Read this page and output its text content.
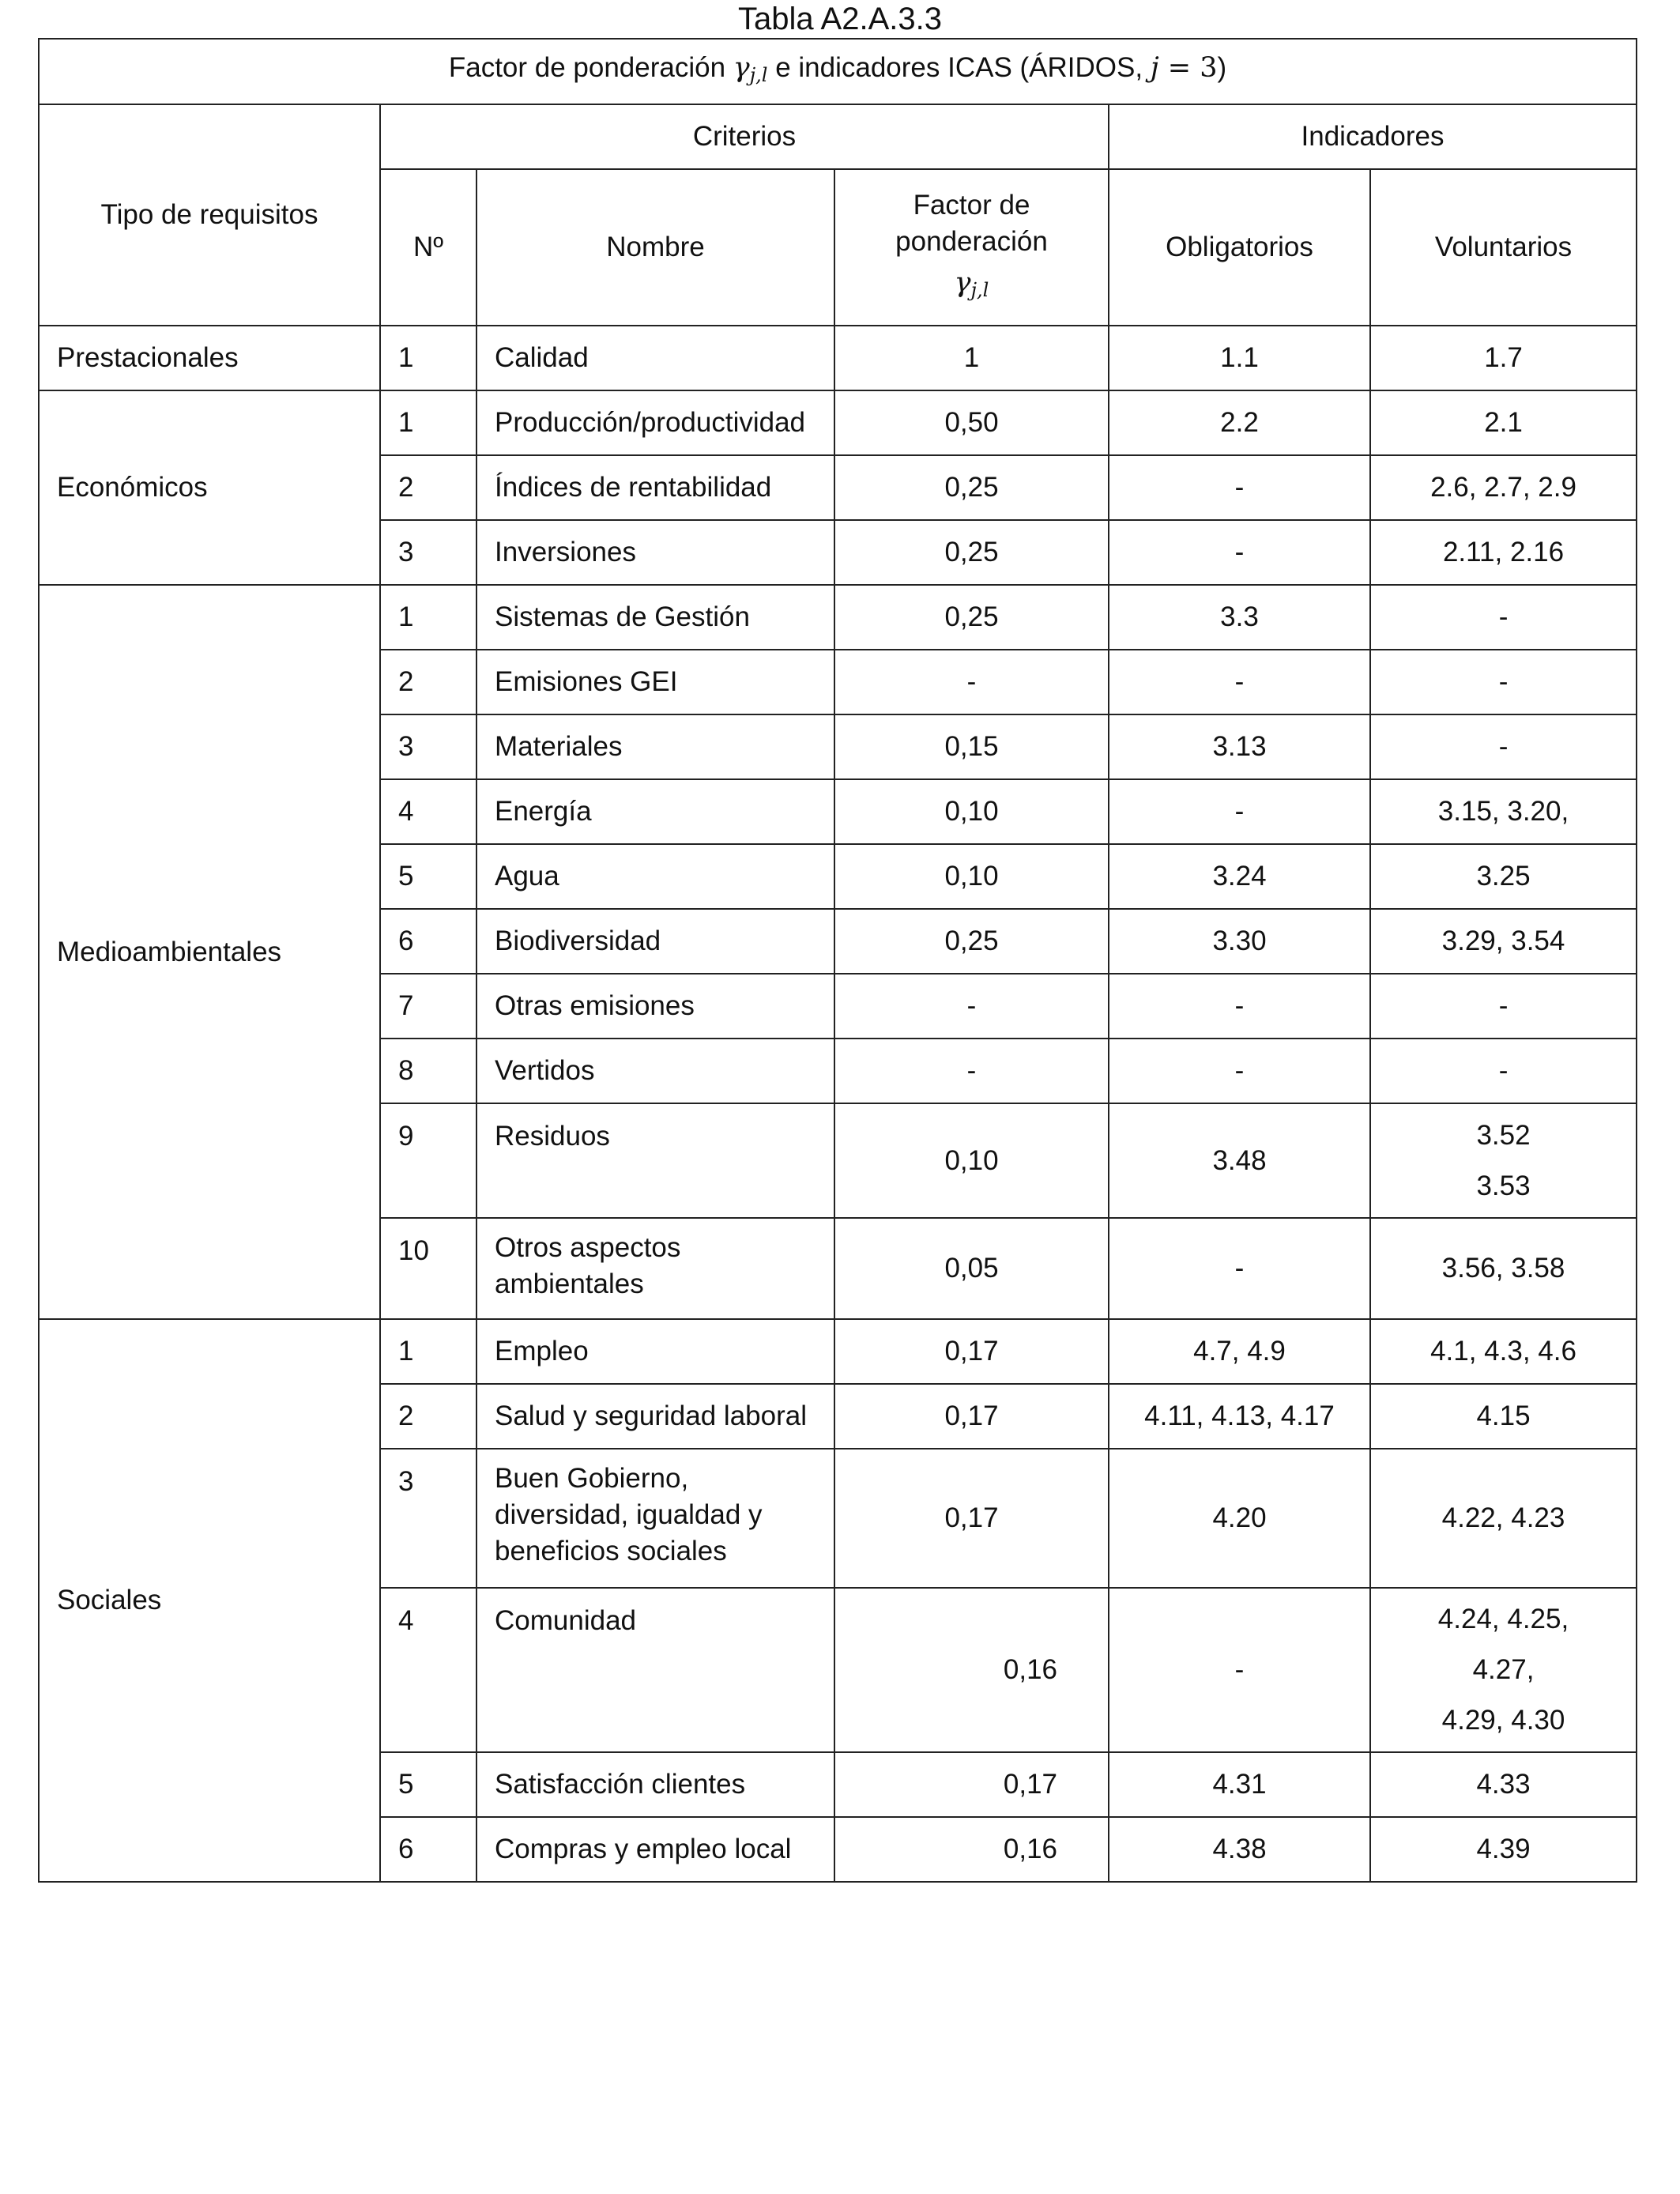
Tabla A2.A.3.3
Factor de ponderación $\gamma_{j,l}$ e indicadores ICAS (ÁRIDOS, j = 3)					
Tipo de requisitos	Criterios			Indicadores	
	Nº	Nombre	Factor de
ponderación
$\gamma_{j,l}$	Obligatorios	Voluntarios
Prestacionales	1	Calidad	1	1.1	1.7
Económicos	1	Producción/productividad	0,50	2.2	2.1
	2	Índices de rentabilidad	0,25	-	2.6, 2.7, 2.9
	3	Inversiones	0,25	-	2.11, 2.16
Medioambientales	1	Sistemas de Gestión	0,25	3.3	-
	2	Emisiones GEI	-	-	-
	3	Materiales	0,15	3.13	-
	4	Energía	0,10	-	3.15, 3.20,
	5	Agua	0,10	3.24	3.25
	6	Biodiversidad	0,25	3.30	3.29, 3.54
	7	Otras emisiones	-	-	-
	8	Vertidos	-	-	-
	9	Residuos	0,10	3.48	3.52
3.53

	10	Otros aspectos
ambientales	0,05	-	3.56, 3.58
Sociales	1	Empleo	0,17	4.7, 4.9	4.1, 4.3, 4.6
	2	Salud y seguridad laboral	0,17	4.11, 4.13, 4.17	4.15
	3	Buen Gobierno,
diversidad, igualdad y
beneficios sociales	0,17	4.20	4.22, 4.23
	4	Comunidad	0,16	-	4.24, 4.25,
4.27,
4.29, 4.30

	5	Satisfacción clientes	0,17	4.31	4.33
	6	Compras y empleo local	0,16	4.38	4.39
